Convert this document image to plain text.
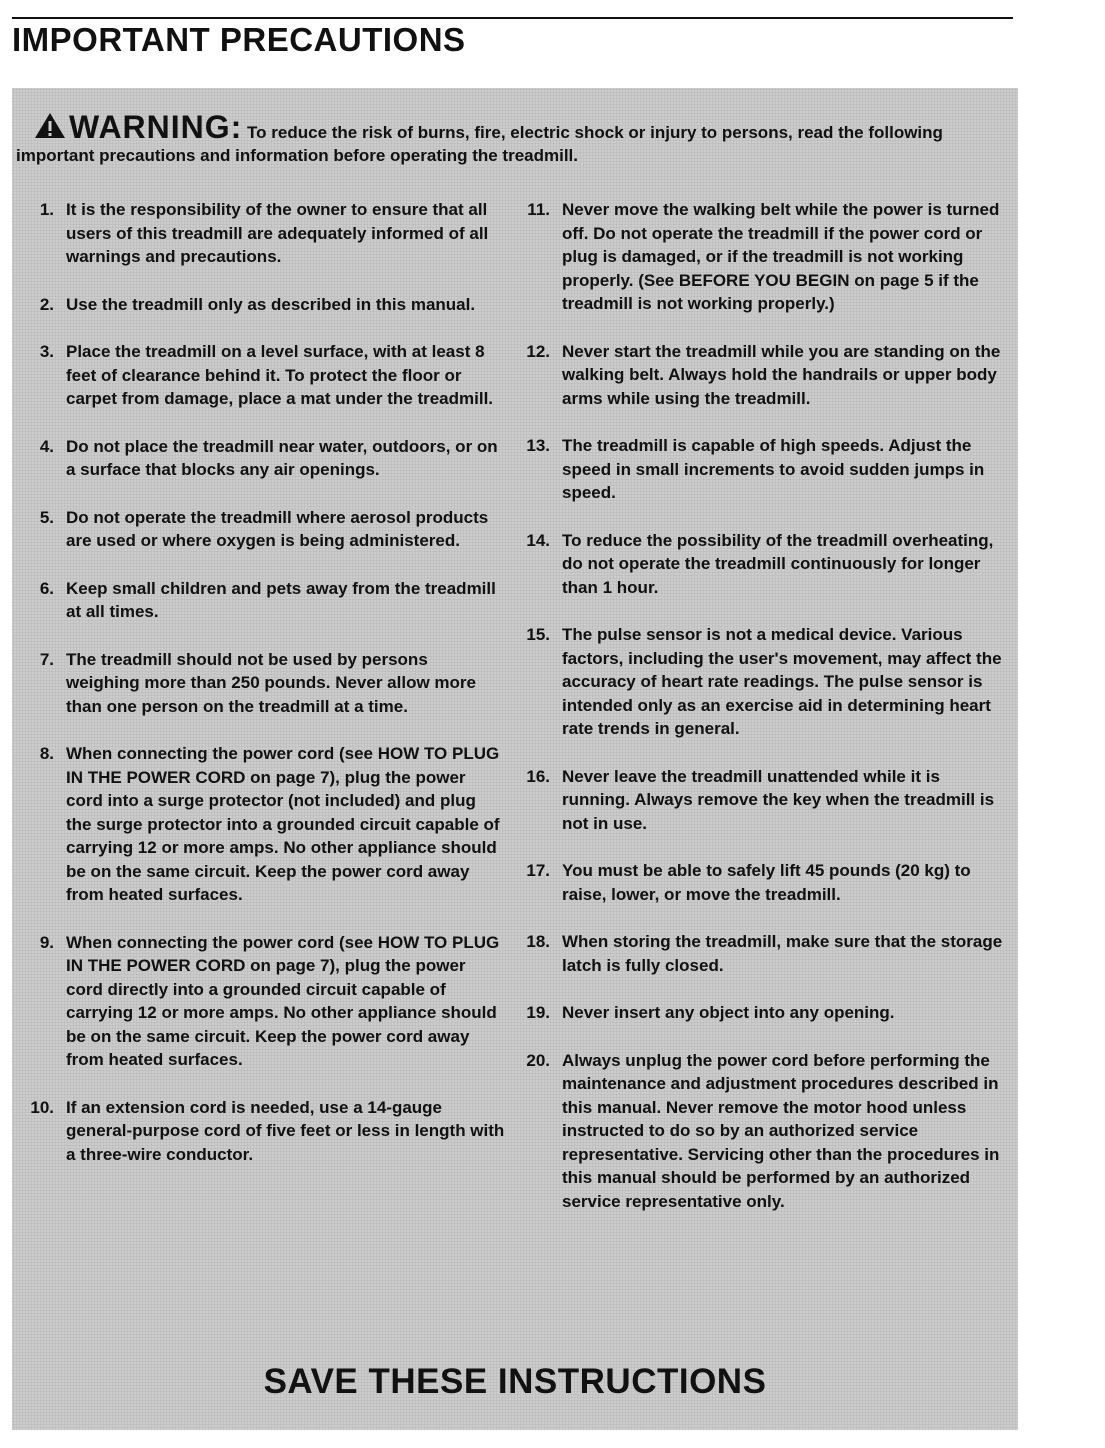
IMPORTANT PRECAUTIONS
WARNING: To reduce the risk of burns, fire, electric shock or injury to persons, read the following important precautions and information before operating the treadmill.
1. It is the responsibility of the owner to ensure that all users of this treadmill are adequately informed of all warnings and precautions.
2. Use the treadmill only as described in this manual.
3. Place the treadmill on a level surface, with at least 8 feet of clearance behind it. To protect the floor or carpet from damage, place a mat under the treadmill.
4. Do not place the treadmill near water, outdoors, or on a surface that blocks any air openings.
5. Do not operate the treadmill where aerosol products are used or where oxygen is being administered.
6. Keep small children and pets away from the treadmill at all times.
7. The treadmill should not be used by persons weighing more than 250 pounds. Never allow more than one person on the treadmill at a time.
8. When connecting the power cord (see HOW TO PLUG IN THE POWER CORD on page 7), plug the power cord into a surge protector (not included) and plug the surge protector into a grounded circuit capable of carrying 12 or more amps. No other appliance should be on the same circuit. Keep the power cord away from heated surfaces.
9. When connecting the power cord (see HOW TO PLUG IN THE POWER CORD on page 7), plug the power cord directly into a grounded circuit capable of carrying 12 or more amps. No other appliance should be on the same circuit. Keep the power cord away from heated surfaces.
10. If an extension cord is needed, use a 14-gauge general-purpose cord of five feet or less in length with a three-wire conductor.
11. Never move the walking belt while the power is turned off. Do not operate the treadmill if the power cord or plug is damaged, or if the treadmill is not working properly. (See BEFORE YOU BEGIN on page 5 if the treadmill is not working properly.)
12. Never start the treadmill while you are standing on the walking belt. Always hold the handrails or upper body arms while using the treadmill.
13. The treadmill is capable of high speeds. Adjust the speed in small increments to avoid sudden jumps in speed.
14. To reduce the possibility of the treadmill overheating, do not operate the treadmill continuously for longer than 1 hour.
15. The pulse sensor is not a medical device. Various factors, including the user's movement, may affect the accuracy of heart rate readings. The pulse sensor is intended only as an exercise aid in determining heart rate trends in general.
16. Never leave the treadmill unattended while it is running. Always remove the key when the treadmill is not in use.
17. You must be able to safely lift 45 pounds (20 kg) to raise, lower, or move the treadmill.
18. When storing the treadmill, make sure that the storage latch is fully closed.
19. Never insert any object into any opening.
20. Always unplug the power cord before performing the maintenance and adjustment procedures described in this manual. Never remove the motor hood unless instructed to do so by an authorized service representative. Servicing other than the procedures in this manual should be performed by an authorized service representative only.
SAVE THESE INSTRUCTIONS
